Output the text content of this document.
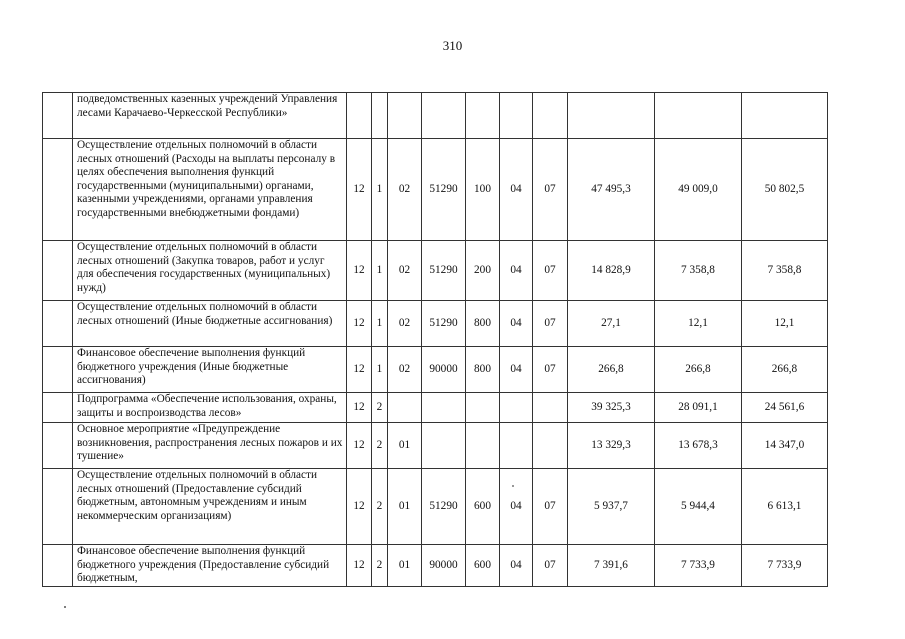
310
	подведомственных казенных учреждений Управления лесами Карачаево-Черкесской Республики»										
	Осуществление отдельных полномочий в области лесных отношений (Расходы на выплаты персоналу в целях обеспечения выполнения функций государственными (муниципальными) органами, казенными учреждениями, органами управления государственными внебюджетными фондами)	12	1	02	51290	100	04	07	47 495,3	49 009,0	50 802,5
	Осуществление отдельных полномочий в области лесных отношений (Закупка товаров, работ и услуг для обеспечения государственных (муниципальных) нужд)	12	1	02	51290	200	04	07	14 828,9	7 358,8	7 358,8
	Осуществление отдельных полномочий в области лесных отношений (Иные бюджетные ассигнования)	12	1	02	51290	800	04	07	27,1	12,1	12,1
	Финансовое обеспечение выполнения функций бюджетного учреждения (Иные бюджетные ассигнования)	12	1	02	90000	800	04	07	266,8	266,8	266,8
	Подпрограмма «Обеспечение использования, охраны, защиты и воспроизводства лесов»	12	2						39 325,3	28 091,1	24 561,6
	Основное мероприятие «Предупреждение возникновения, распространения лесных пожаров и их тушение»	12	2	01					13 329,3	13 678,3	14 347,0
	Осуществление отдельных полномочий в области лесных отношений (Предоставление субсидий бюджетным, автономным учреждениям и иным некоммерческим организациям)	12	2	01	51290	600	04	07	5 937,7	5 944,4	6 613,1
	Финансовое обеспечение выполнения функций бюджетного учреждения (Предоставление субсидий бюджетным,	12	2	01	90000	600	04	07	7 391,6	7 733,9	7 733,9
